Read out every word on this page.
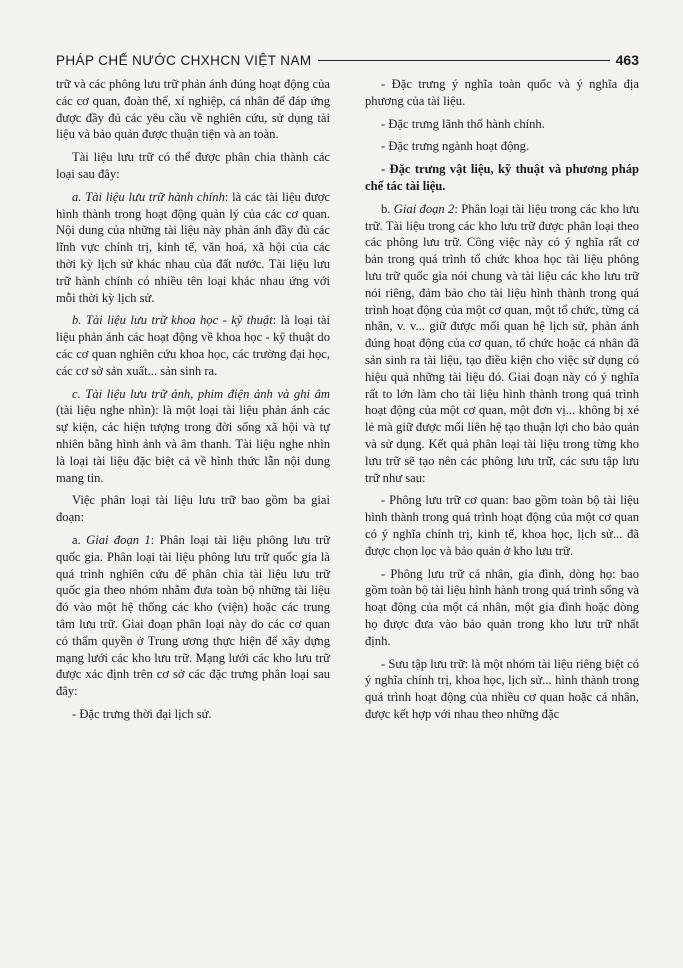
PHÁP CHẾ NƯỚC CHXHCN VIỆT NAM	463

trữ và các phông lưu trữ phản ánh đúng hoạt động của các cơ quan, đoàn thể, xí nghiệp, cá nhân để đáp ứng được đầy đủ các yêu cầu về nghiên cứu, sử dụng tài liệu và bảo quản được thuận tiện và an toàn.

Tài liệu lưu trữ có thể được phân chia thành các loại sau đây:

a. Tài liệu lưu trữ hành chính: là các tài liệu được hình thành trong hoạt động quản lý của các cơ quan. Nội dung của những tài liệu này phản ánh đầy đủ các lĩnh vực chính trị, kinh tế, văn hoá, xã hội của các thời kỳ lịch sử khác nhau của đất nước. Tài liệu lưu trữ hành chính có nhiều tên loại khác nhau ứng với mỗi thời kỳ lịch sử.

b. Tài liệu lưu trữ khoa học - kỹ thuật: là loại tài liệu phản ánh các hoạt động về khoa học - kỹ thuật do các cơ quan nghiên cứu khoa học, các trường đại học, các cơ sở sản xuất... sản sinh ra.

c. Tài liệu lưu trữ ảnh, phim điện ảnh và ghi âm (tài liệu nghe nhìn): là một loại tài liệu phản ánh các sự kiện, các hiện tượng trong đời sống xã hội và tự nhiên bằng hình ảnh và âm thanh. Tài liệu nghe nhìn là loại tài liệu đặc biệt cả về hình thức lẫn nội dung mang tin.

Việc phân loại tài liệu lưu trữ bao gồm ba giai đoạn:

a. Giai đoạn 1: Phân loại tài liệu phông lưu trữ quốc gia. Phân loại tài liệu phông lưu trữ quốc gia là quá trình nghiên cứu để phân chia tài liệu lưu trữ quốc gia theo nhóm nhằm đưa toàn bộ những tài liệu đó vào một hệ thống các kho (viện) hoặc các trung tâm lưu trữ. Giai đoạn phân loại này do các cơ quan có thẩm quyền ở Trung ương thực hiện để xây dựng mạng lưới các kho lưu trữ. Mạng lưới các kho lưu trữ được xác định trên cơ sở các đặc trưng phân loại sau đây:

- Đặc trưng thời đại lịch sử.

- Đặc trưng ý nghĩa toàn quốc và ý nghĩa địa phương của tài liệu.

- Đặc trưng lãnh thổ hành chính.

- Đặc trưng ngành hoạt động.

- Đặc trưng vật liệu, kỹ thuật và phương pháp chế tác tài liệu.

b. Giai đoạn 2: Phân loại tài liệu trong các kho lưu trữ. Tài liệu trong các kho lưu trữ được phân loại theo các phông lưu trữ. Công việc này có ý nghĩa rất cơ bản trong quá trình tổ chức khoa học tài liệu phông lưu trữ quốc gia nói chung và tài liệu các kho lưu trữ nói riêng, đảm bảo cho tài liệu hình thành trong quá trình hoạt động của một cơ quan, một tổ chức, từng cá nhân, v. v... giữ được mối quan hệ lịch sử, phản ánh đúng hoạt động của cơ quan, tổ chức hoặc cá nhân đã sản sinh ra tài liệu, tạo điều kiện cho việc sử dụng có hiệu quả những tài liệu đó. Giai đoạn này có ý nghĩa rất to lớn làm cho tài liệu hình thành trong quá trình hoạt động của một cơ quan, một đơn vị... không bị xé lẻ mà giữ được mối liên hệ tạo thuận lợi cho bảo quản và sử dụng. Kết quả phân loại tài liệu trong từng kho lưu trữ sẽ tạo nên các phông lưu trữ, các sưu tập lưu trữ như sau:

- Phông lưu trữ cơ quan: bao gồm toàn bộ tài liệu hình thành trong quá trình hoạt động của một cơ quan có ý nghĩa chính trị, kinh tế, khoa học, lịch sử... đã được chọn lọc và bảo quản ở kho lưu trữ.

- Phông lưu trữ cá nhân, gia đình, dòng họ: bao gồm toàn bộ tài liệu hình hành trong quá trình sống và hoạt động của một cá nhân, một gia đình hoặc dòng họ được đưa vào bảo quản trong kho lưu trữ nhất định.

- Sưu tập lưu trữ: là một nhóm tài liệu riêng biệt có ý nghĩa chính trị, khoa học, lịch sử... hình thành trong quá trình hoạt động của nhiều cơ quan hoặc cá nhân, được kết hợp với nhau theo những đặc
